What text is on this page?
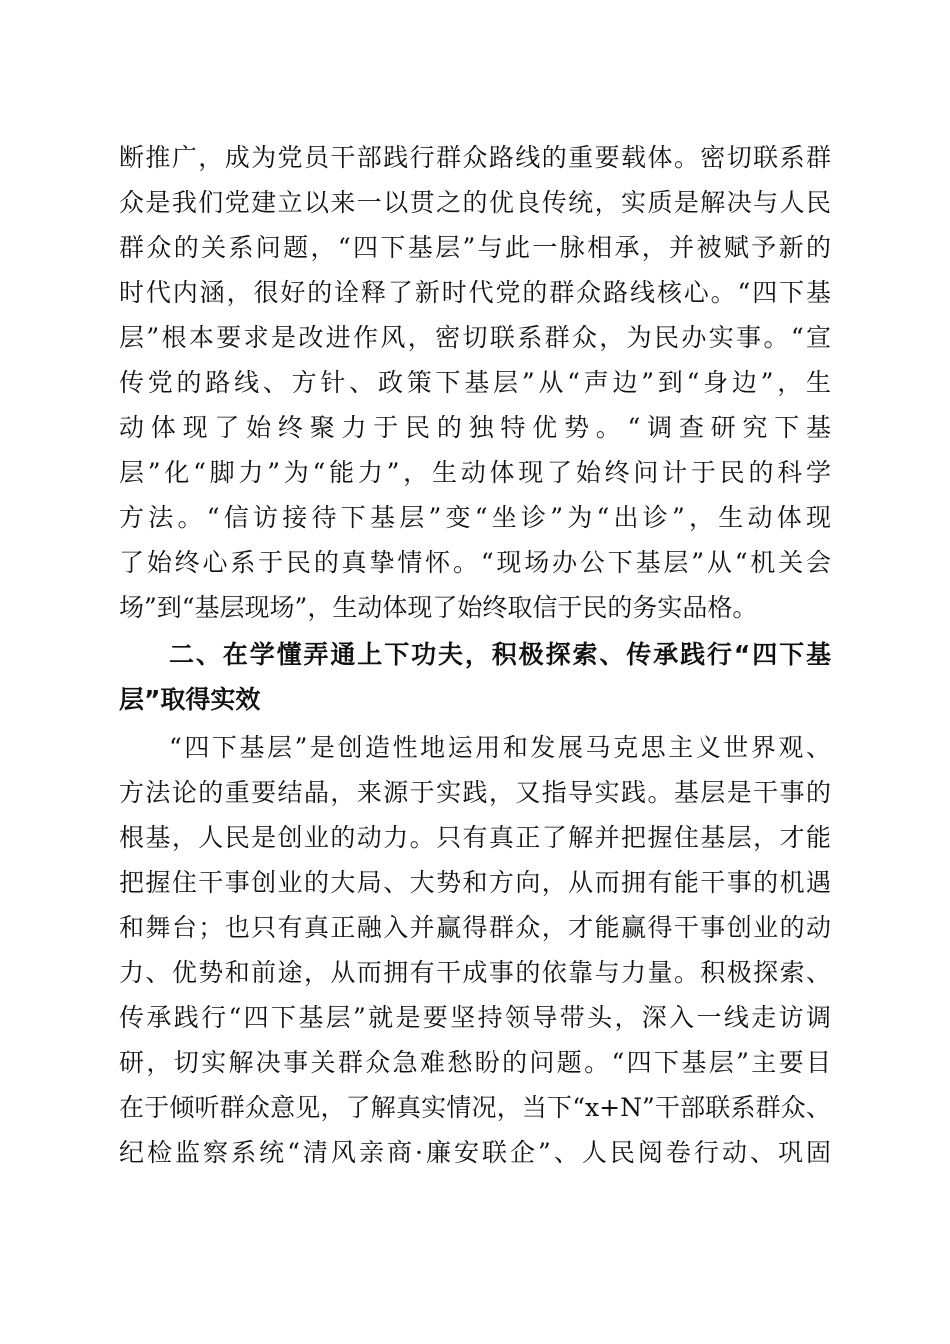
断推广，成为党员干部践行群众路线的重要载体。密切联系群
众是我们党建立以来一以贯之的优良传统，实质是解决与人民
群众的关系问题，“四下基层”与此一脉相承，并被赋予新的
时代内涵，很好的诠释了新时代党的群众路线核心。“四下基
层”根本要求是改进作风，密切联系群众，为民办实事。“宣
传党的路线、方针、政策下基层”从“声边”到“身边”，生
动体现了始终聚力于民的独特优势。“调查研究下基
层”化“脚力”为“能力”，生动体现了始终问计于民的科学
方法。“信访接待下基层”变“坐诊”为“出诊”，生动体现
了始终心系于民的真挚情怀。“现场办公下基层”从“机关会
场”到“基层现场”，生动体现了始终取信于民的务实品格。
二、在学懂弄通上下功夫，积极探索、传承践行“四下基
层”取得实效
“四下基层”是创造性地运用和发展马克思主义世界观、
方法论的重要结晶，来源于实践，又指导实践。基层是干事的
根基，人民是创业的动力。只有真正了解并把握住基层，才能
把握住干事创业的大局、大势和方向，从而拥有能干事的机遇
和舞台；也只有真正融入并赢得群众，才能赢得干事创业的动
力、优势和前途，从而拥有干成事的依靠与力量。积极探索、
传承践行“四下基层”就是要坚持领导带头，深入一线走访调
研，切实解决事关群众急难愁盼的问题。“四下基层”主要目
在于倾听群众意见，了解真实情况，当下“x+N”干部联系群众、
纪检监察系统“清风亲商·廉安联企”、人民阅卷行动、巩固
